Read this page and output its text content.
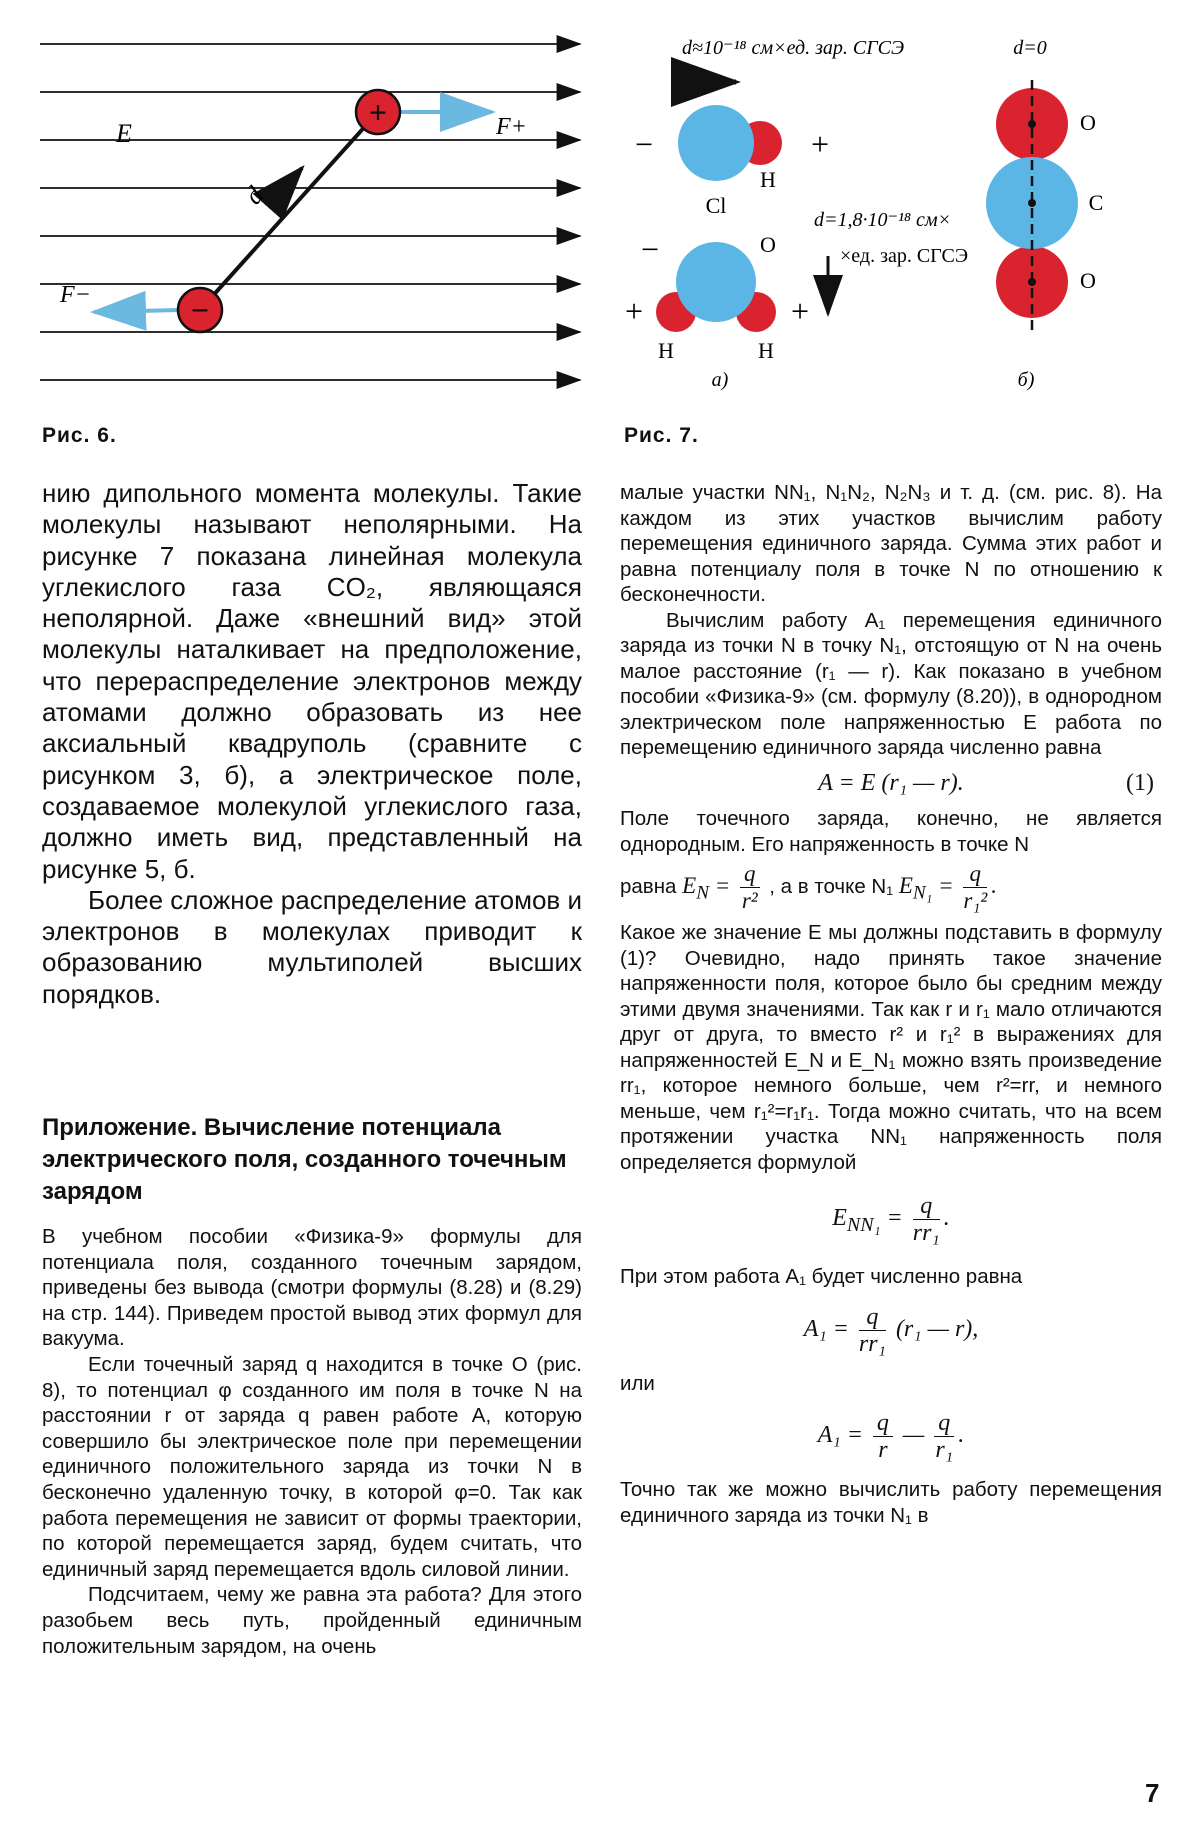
d
+
−
E	F+
F−
Рис. 6.
d≈10⁻¹⁸ см×ед. зар. СГСЭ
−	+
Cl
H
−
+	+
O
H	H
d=1,8·10⁻¹⁸ см×
×ед. зар. СГСЭ
а)
d=0
O
C
O
б)
Рис. 7.

нию дипольного момента молекулы. Такие молекулы называют неполярными. На рисунке 7 показана линейная молекула углекислого газа CO₂, являющаяся неполярной. Даже «внешний вид» этой молекулы наталкивает на предположение, что перераспределение электронов между атомами должно образовать из нее аксиальный квадруполь (сравните с рисунком 3, б), а электрическое поле, создаваемое молекулой углекислого газа, должно иметь вид, представленный на рисунке 5, б.

Более сложное распределение атомов и электронов в молекулах приводит к образованию мультиполей высших порядков.

Приложение. Вычисление потенциала электрического поля, созданного точечным зарядом

В учебном пособии «Физика-9» формулы для потенциала поля, созданного точечным зарядом, приведены без вывода (смотри формулы (8.28) и (8.29) на стр. 144). Приведем простой вывод этих формул для вакуума.

Если точечный заряд q находится в точке O (рис. 8), то потенциал φ созданного им поля в точке N на расстоянии r от заряда q равен работе A, которую совершило бы электрическое поле при перемещении единичного положительного заряда из точки N в бесконечно удаленную точку, в которой φ=0. Так как работа перемещения не зависит от формы траектории, по которой перемещается заряд, будем считать, что единичный заряд перемещается вдоль силовой линии.

Подсчитаем, чему же равна эта работа? Для этого разобьем весь путь, пройденный единичным положительным зарядом, на очень

малые участки NN₁, N₁N₂, N₂N₃ и т. д. (см. рис. 8). На каждом из этих участков вычислим работу перемещения единичного заряда. Сумма этих работ и равна потенциалу поля в точке N по отношению к бесконечности.

Вычислим работу A₁ перемещения единичного заряда из точки N в точку N₁, отстоящую от N на очень малое расстояние (r₁ — r). Как показано в учебном пособии «Физика-9» (см. формулу (8.20)), в однородном электрическом поле напряженностью E работа по перемещению единичного заряда численно равна

A = E (r₁ — r).	(1)

Поле точечного заряда, конечно, не является однородным. Его напряженность в точке N

равна $E_N = \frac{q}{\text{r²}}$ , а в точке N₁ $E_{N_1} = \frac{q}{\text{r₁²}}$ .

Какое же значение E мы должны подставить в формулу (1)? Очевидно, надо принять такое значение напряженности поля, которое было бы средним между этими двумя значениями. Так как r и r₁ мало отличаются друг от друга, то вместо r² и r₁² в выражениях для напряженностей E_N и E_N₁ можно взять произведение rr₁, которое немного больше, чем r²=rr, и немного меньше, чем r₁²=r₁r₁. Тогда можно считать, что на всем протяжении участка NN₁ напряженность поля определяется формулой

$E_{NN_1} = \frac{q}{\text{rr₁}}$ .

При этом работа A₁ будет численно равна

$A_1 = \frac{q}{\text{rr₁}} (r_1$ — r),

или

$A_1 = \frac{q}{r}$ — $\frac{q}{\text{r₁}}$ .

Точно так же можно вычислить работу перемещения единичного заряда из точки N₁ в

7
